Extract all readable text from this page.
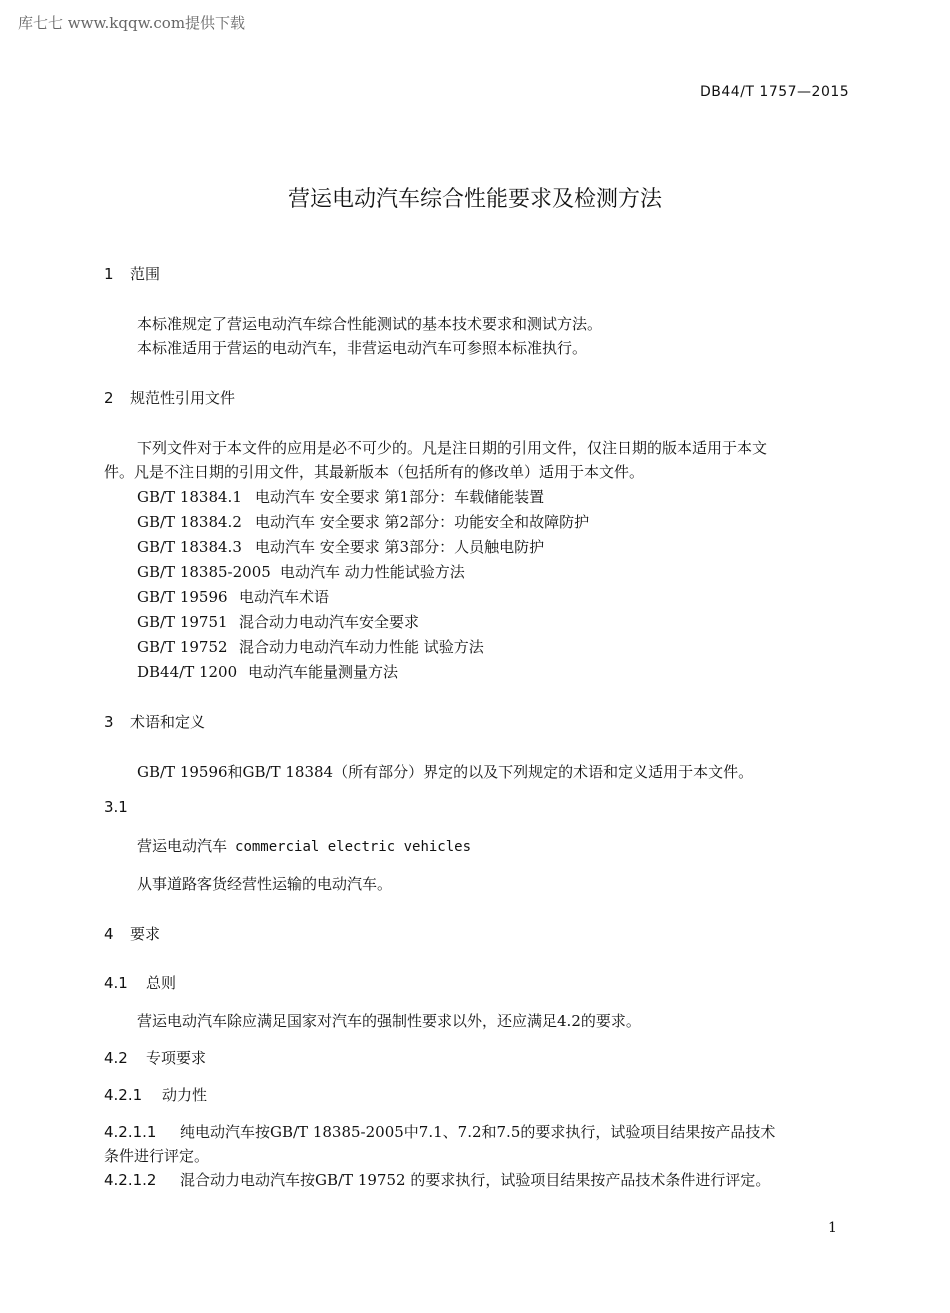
库七七 www.kqqw.com提供下载
DB44/T 1757—2015
营运电动汽车综合性能要求及检测方法
1 范围
本标准规定了营运电动汽车综合性能测试的基本技术要求和测试方法。
本标准适用于营运的电动汽车，非营运电动汽车可参照本标准执行。
2 规范性引用文件
下列文件对于本文件的应用是必不可少的。凡是注日期的引用文件，仅注日期的版本适用于本文
件。凡是不注日期的引用文件，其最新版本（包括所有的修改单）适用于本文件。
GB/T 18384.1 电动汽车 安全要求 第1部分：车载储能装置
GB/T 18384.2 电动汽车 安全要求 第2部分：功能安全和故障防护
GB/T 18384.3 电动汽车 安全要求 第3部分：人员触电防护
GB/T 18385-2005 电动汽车 动力性能试验方法
GB/T 19596 电动汽车术语
GB/T 19751 混合动力电动汽车安全要求
GB/T 19752 混合动力电动汽车动力性能 试验方法
DB44/T 1200 电动汽车能量测量方法
3 术语和定义
GB/T 19596和GB/T 18384（所有部分）界定的以及下列规定的术语和定义适用于本文件。
3.1
营运电动汽车 commercial electric vehicles
从事道路客货经营性运输的电动汽车。
4 要求
4.1 总则
营运电动汽车除应满足国家对汽车的强制性要求以外，还应满足4.2的要求。
4.2 专项要求
4.2.1 动力性
4.2.1.1 纯电动汽车按GB/T 18385-2005中7.1、7.2和7.5的要求执行，试验项目结果按产品技术
条件进行评定。
4.2.1.2 混合动力电动汽车按GB/T 19752 的要求执行，试验项目结果按产品技术条件进行评定。
1
